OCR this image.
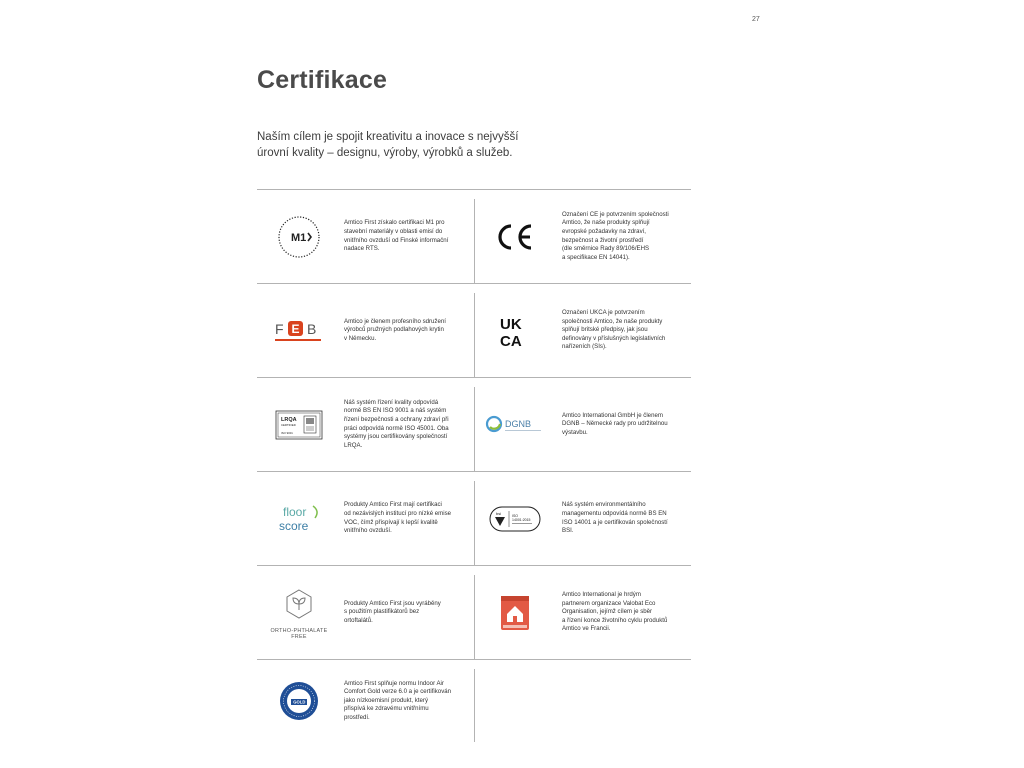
27
Certifikace
Naším cílem je spojit kreativitu a inovace s nejvyšší
úrovní kvality – designu, výroby, výrobků a služeb.
M1
Amtico First získalo certifikaci M1 pro
stavební materiály v oblasti emisí do
vnitřního ovzduší od Finské informační
nadace RTS.
Označení CE je potvrzením společnosti
Amtico, že naše produkty splňují
evropské požadavky na zdraví,
bezpečnost a životní prostředí
(dle směrnice Rady 89/106/EHS
a specifikace EN 14041).
F E B	Amtico je členem profesního sdružení
výrobců pružných podlahových krytin
v Německu.
UK
CA
Označení UKCA je potvrzením
společnosti Amtico, že naše produkty
splňují britské předpisy, jak jsou
definovány v příslušných legislativních
nařízeních (SIs).
LRQA
CERTIFIED
ISO 9001
Náš systém řízení kvality odpovídá
normě BS EN ISO 9001 a náš systém
řízení bezpečnosti a ochrany zdraví při
práci odpovídá normě ISO 45001. Oba
systémy jsou certifikovány společností
LRQA.
DGNB
Amtico International GmbH je členem
DGNB – Německé rady pro udržitelnou
výstavbu.
floor
score
Produkty Amtico First mají certifikaci
od nezávislých institucí pro nízké emise
VOC, čímž přispívají k lepší kvalitě
vnitřního ovzduší.
bsi	ISO
14001:2015
Náš systém environmentálního
managementu odpovídá normě BS EN
ISO 14001 a je certifikován společností
BSI.
ORTHO-PHTHALATE
FREE
Produkty Amtico First jsou vyráběny
s použitím plastifikátorů bez
ortoftalátů.
Amtico International je hrdým
partnerem organizace Valobat Eco
Organisation, jejímž cílem je sběr
a řízení konce životního cyklu produktů
Amtico ve Francii.
GOLD
Amtico First splňuje normu Indoor Air
Comfort Gold verze 6.0 a je certifikován
jako nízkoemisní produkt, který
přispívá ke zdravému vnitřnímu
prostředí.
